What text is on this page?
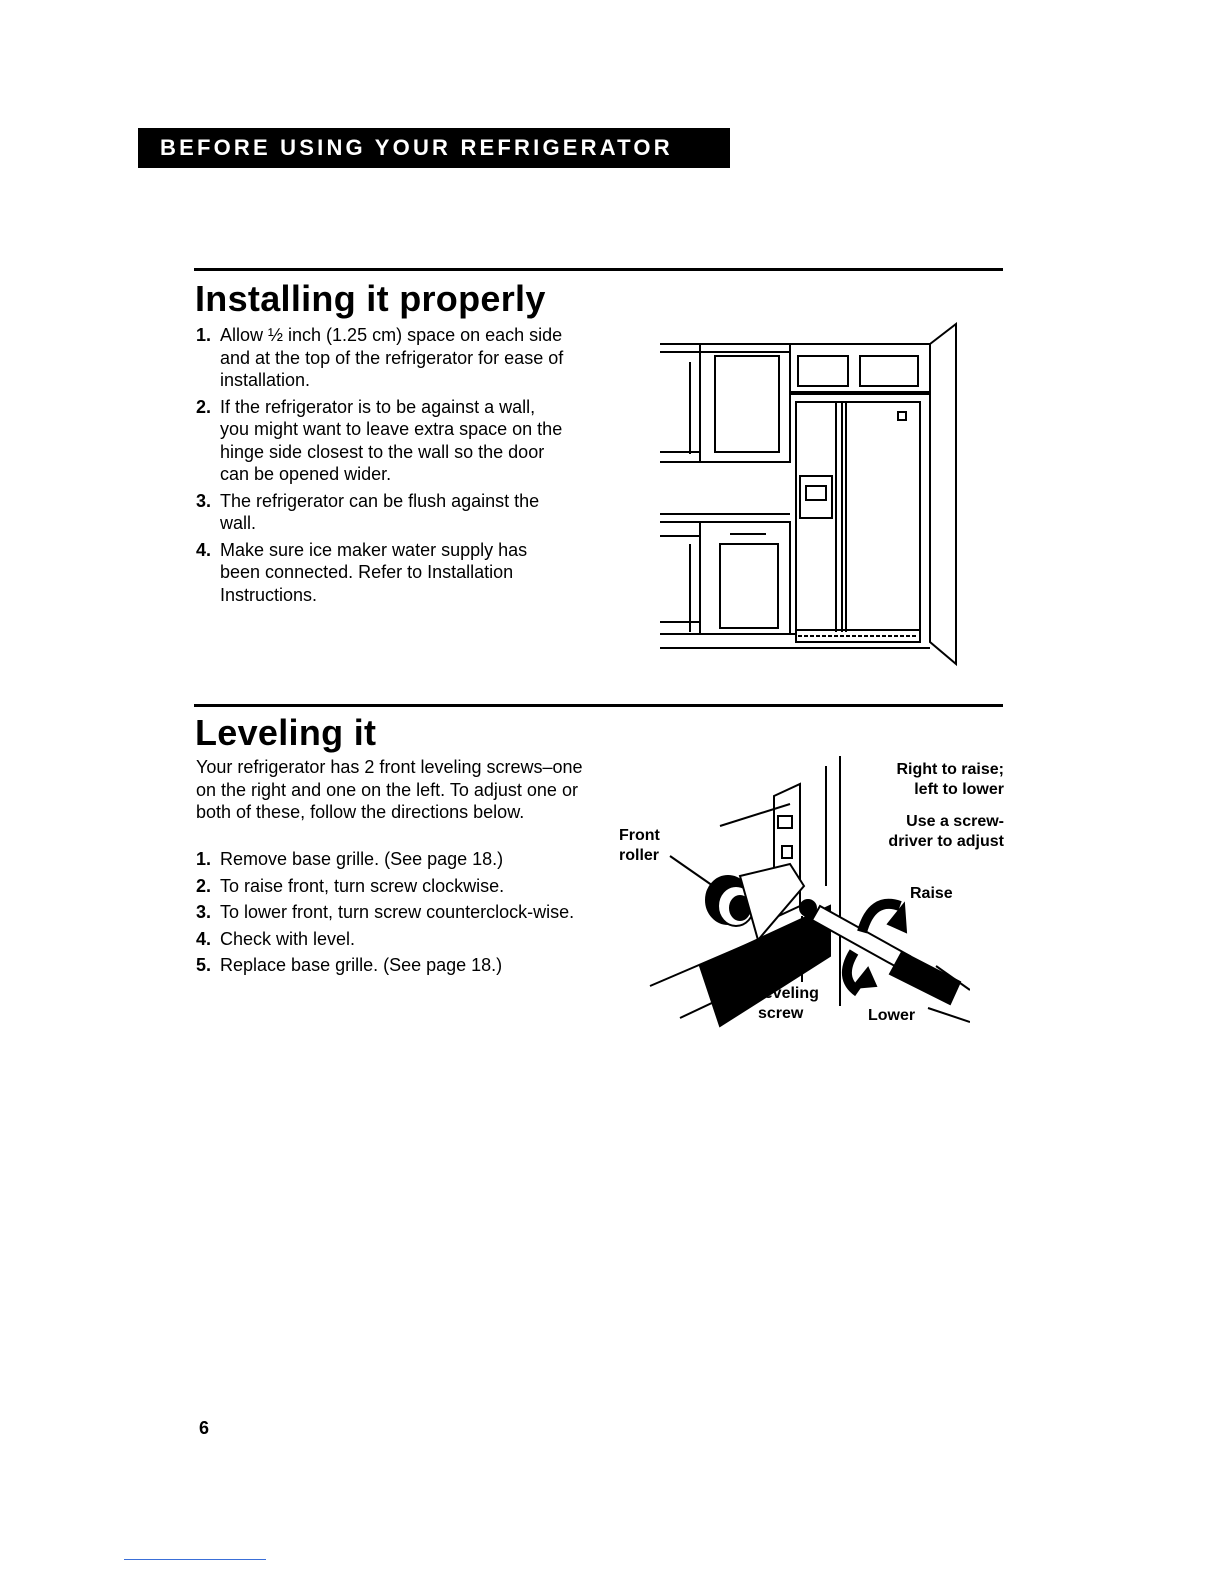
BEFORE USING YOUR REFRIGERATOR
Installing it properly
1. Allow ½ inch (1.25 cm) space on each side and at the top of the refrigerator for ease of installation.
2. If the refrigerator is to be against a wall, you might want to leave extra space on the hinge side closest to the wall so the door can be opened wider.
3. The refrigerator can be flush against the wall.
4. Make sure ice maker water supply has been connected. Refer to Installation Instructions.
Leveling it

Your refrigerator has 2 front leveling screws–one on the right and one on the left. To adjust one or both of these, follow the directions below.

1. Remove base grille. (See page 18.)
2. To raise front, turn screw clockwise.
3. To lower front, turn screw counterclock-wise.
4. Check with level.
5. Replace base grille. (See page 18.)
Right to raise;
left to lower
Use a screw-
driver to adjust
Front
roller
Raise
Leveling
screw	Lower
6
